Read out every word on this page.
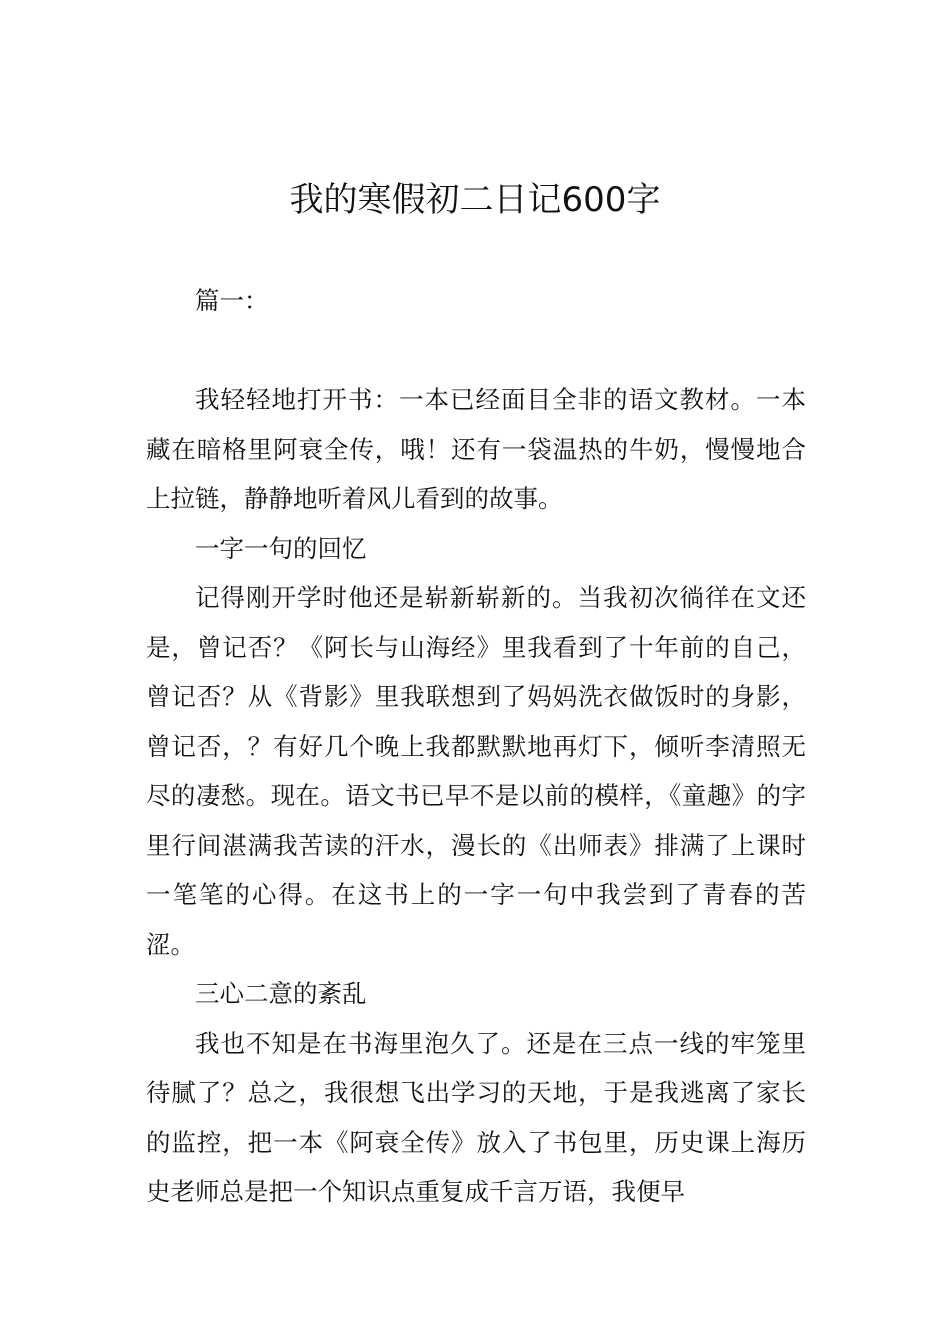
我的寒假初二日记600字

篇一：

我轻轻地打开书：一本已经面目全非的语文教材。一本藏在暗格里阿衰全传，哦！还有一袋温热的牛奶，慢慢地合上拉链，静静地听着风儿看到的故事。

一字一句的回忆

记得刚开学时他还是崭新崭新的。当我初次徜徉在文还是，曾记否？《阿长与山海经》里我看到了十年前的自己，曾记否？从《背影》里我联想到了妈妈洗衣做饭时的身影，曾记否，？有好几个晚上我都默默地再灯下，倾听李清照无尽的凄愁。现在。语文书已早不是以前的模样，《童趣》的字里行间湛满我苦读的汗水，漫长的《出师表》排满了上课时一笔笔的心得。在这书上的一字一句中我尝到了青春的苦涩。

三心二意的紊乱

我也不知是在书海里泡久了。还是在三点一线的牢笼里待腻了？总之，我很想飞出学习的天地，于是我逃离了家长的监控，把一本《阿衰全传》放入了书包里，历史课上海历史老师总是把一个知识点重复成千言万语，我便早
